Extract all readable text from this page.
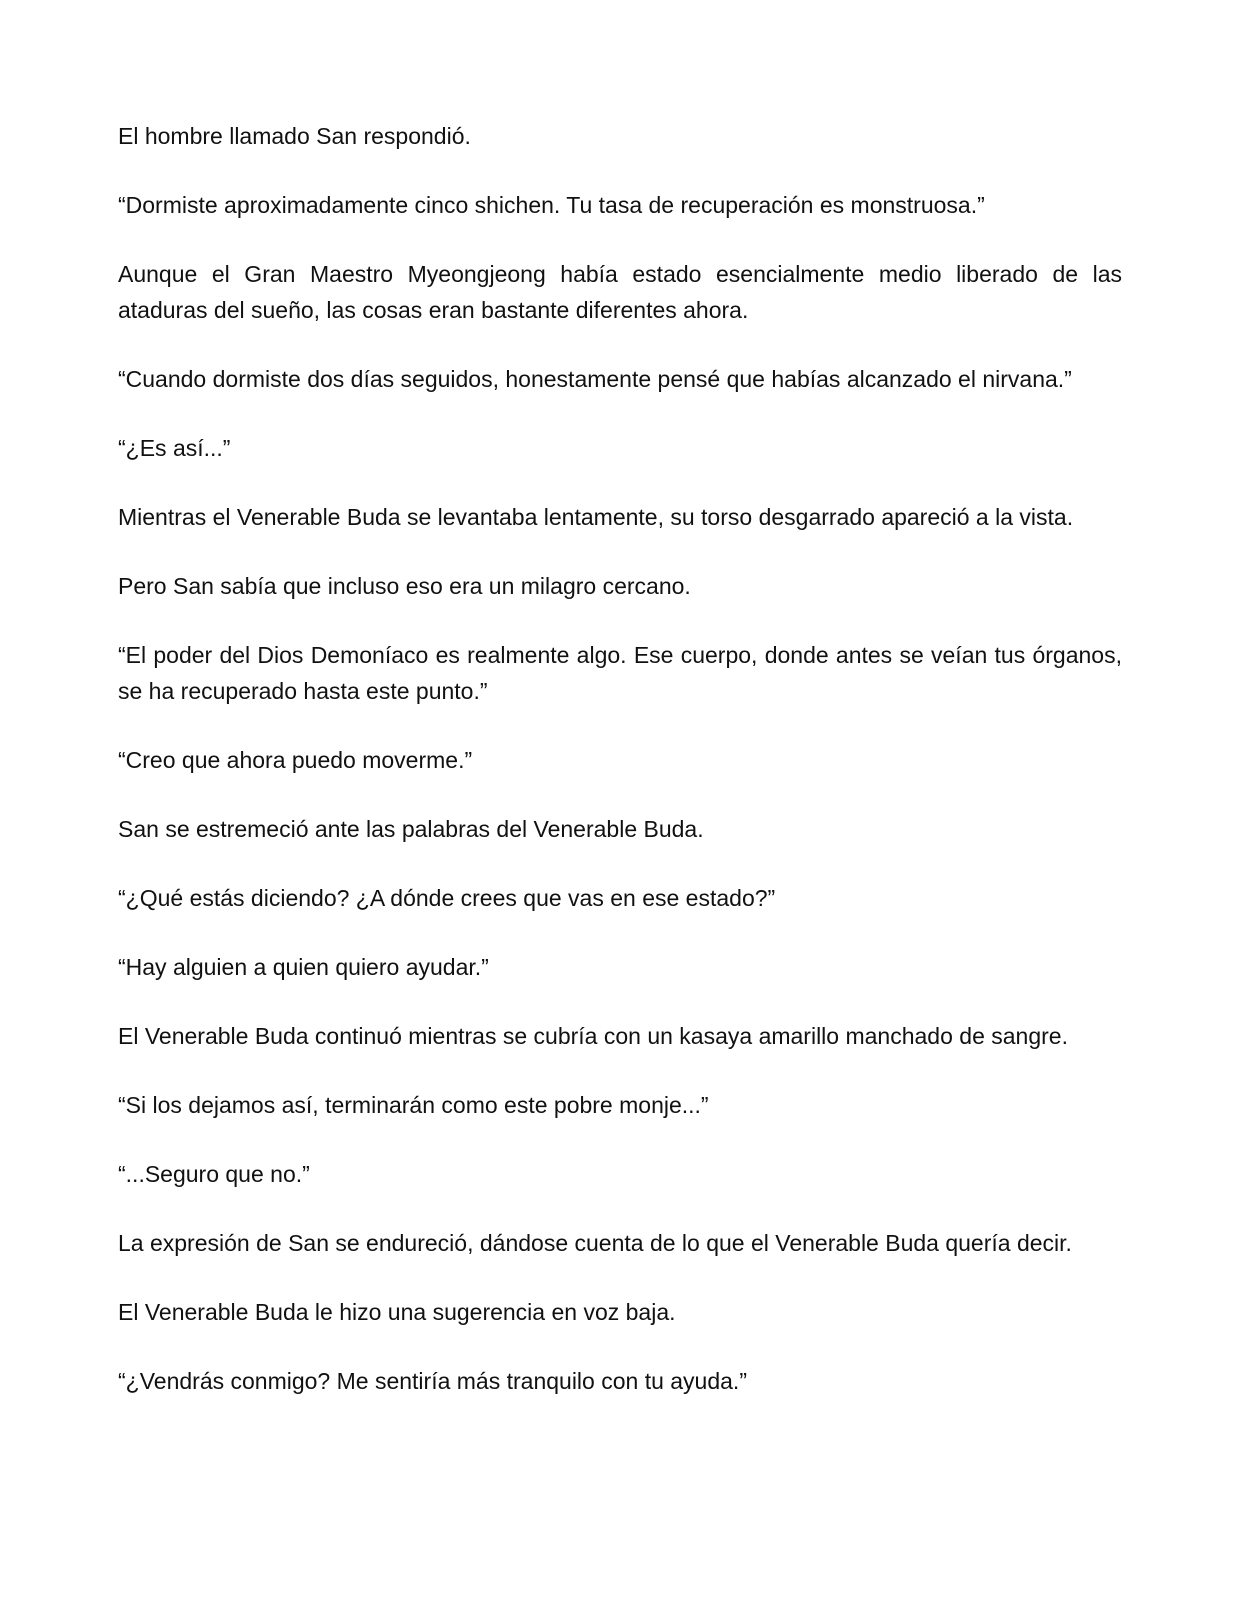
El hombre llamado San respondió.

“Dormiste aproximadamente cinco shichen. Tu tasa de recuperación es monstruosa.”

Aunque el Gran Maestro Myeongjeong había estado esencialmente medio liberado de las ataduras del sueño, las cosas eran bastante diferentes ahora.

“Cuando dormiste dos días seguidos, honestamente pensé que habías alcanzado el nirvana.”

“¿Es así...”

Mientras el Venerable Buda se levantaba lentamente, su torso desgarrado apareció a la vista.

Pero San sabía que incluso eso era un milagro cercano.

“El poder del Dios Demoníaco es realmente algo. Ese cuerpo, donde antes se veían tus órganos, se ha recuperado hasta este punto.”

“Creo que ahora puedo moverme.”

San se estremeció ante las palabras del Venerable Buda.

“¿Qué estás diciendo? ¿A dónde crees que vas en ese estado?”

“Hay alguien a quien quiero ayudar.”

El Venerable Buda continuó mientras se cubría con un kasaya amarillo manchado de sangre.

“Si los dejamos así, terminarán como este pobre monje...”

“...Seguro que no.”

La expresión de San se endureció, dándose cuenta de lo que el Venerable Buda quería decir.

El Venerable Buda le hizo una sugerencia en voz baja.

“¿Vendrás conmigo? Me sentiría más tranquilo con tu ayuda.”
